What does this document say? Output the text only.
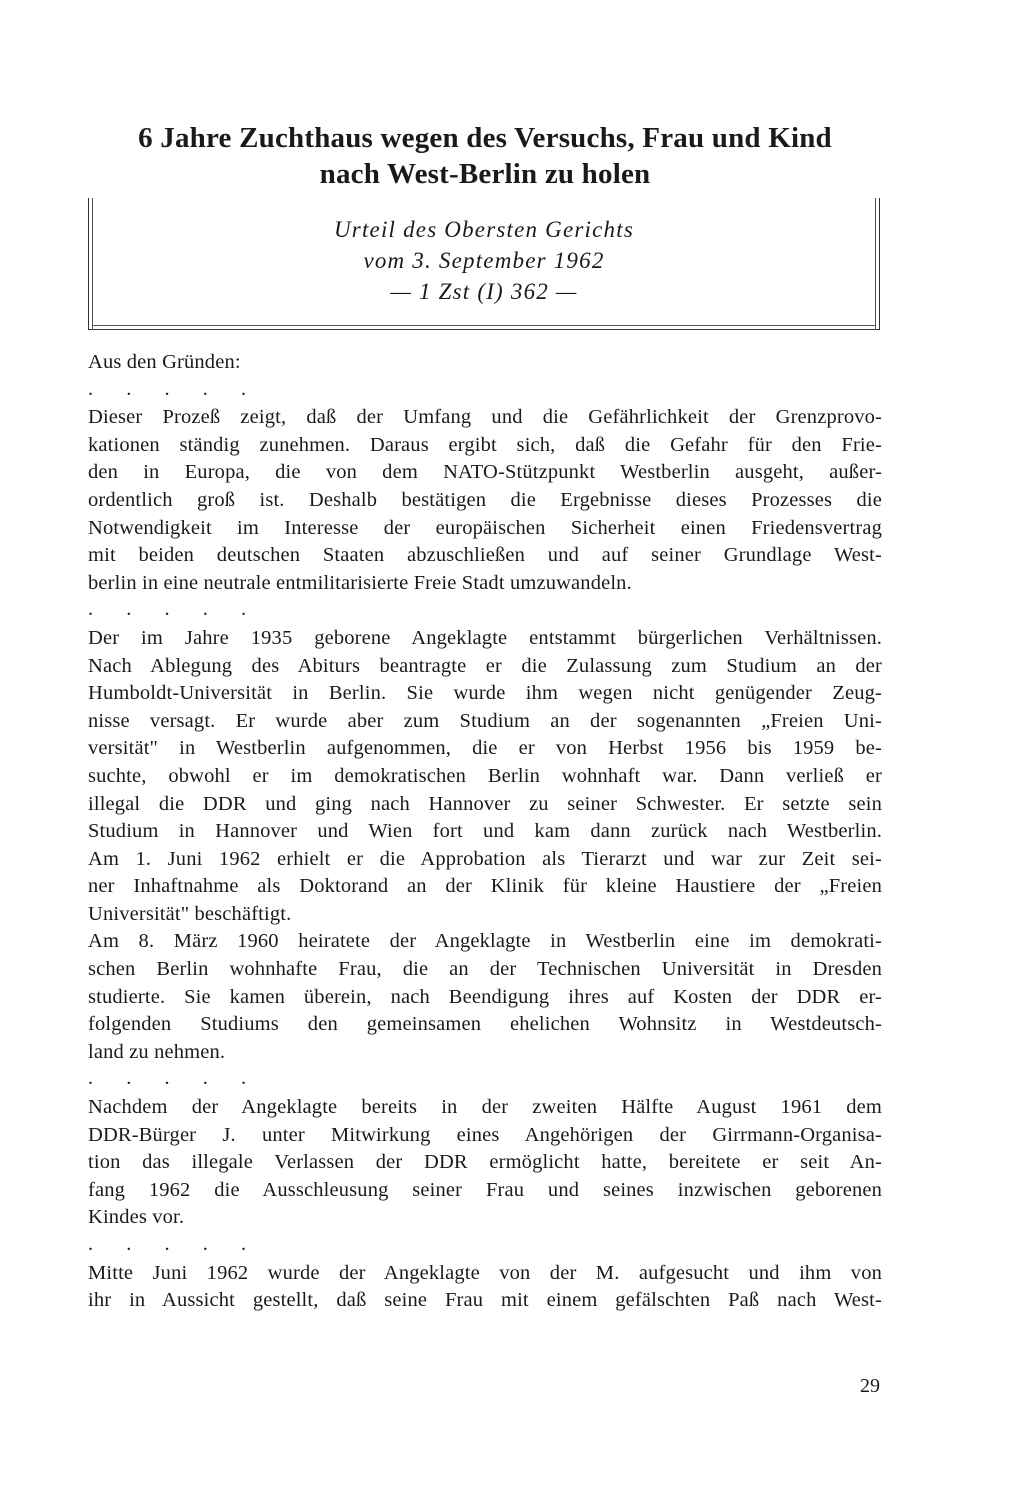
6 Jahre Zuchthaus wegen des Versuchs, Frau und Kind
nach West-Berlin zu holen
Urteil des Obersten Gerichts
vom 3. September 1962
— 1 Zst (I) 362 —

Aus den Gründen:

. . . . .

Dieser Prozeß zeigt, daß der Umfang und die Gefährlichkeit der Grenzprovo-
kationen ständig zunehmen. Daraus ergibt sich, daß die Gefahr für den Frie-
den in Europa, die von dem NATO-Stützpunkt Westberlin ausgeht, außer-
ordentlich groß ist. Deshalb bestätigen die Ergebnisse dieses Prozesses die
Notwendigkeit im Interesse der europäischen Sicherheit einen Friedensvertrag
mit beiden deutschen Staaten abzuschließen und auf seiner Grundlage West-
berlin in eine neutrale entmilitarisierte Freie Stadt umzuwandeln.

. . . . .

Der im Jahre 1935 geborene Angeklagte entstammt bürgerlichen Verhältnissen.
Nach Ablegung des Abiturs beantragte er die Zulassung zum Studium an der
Humboldt-Universität in Berlin. Sie wurde ihm wegen nicht genügender Zeug-
nisse versagt. Er wurde aber zum Studium an der sogenannten „Freien Uni-
versität" in Westberlin aufgenommen, die er von Herbst 1956 bis 1959 be-
suchte, obwohl er im demokratischen Berlin wohnhaft war. Dann verließ er
illegal die DDR und ging nach Hannover zu seiner Schwester. Er setzte sein
Studium in Hannover und Wien fort und kam dann zurück nach Westberlin.
Am 1. Juni 1962 erhielt er die Approbation als Tierarzt und war zur Zeit sei-
ner Inhaftnahme als Doktorand an der Klinik für kleine Haustiere der „Freien
Universität" beschäftigt.

Am 8. März 1960 heiratete der Angeklagte in Westberlin eine im demokrati-
schen Berlin wohnhafte Frau, die an der Technischen Universität in Dresden
studierte. Sie kamen überein, nach Beendigung ihres auf Kosten der DDR er-
folgenden Studiums den gemeinsamen ehelichen Wohnsitz in Westdeutsch-
land zu nehmen.

. . . . .

Nachdem der Angeklagte bereits in der zweiten Hälfte August 1961 dem
DDR-Bürger J. unter Mitwirkung eines Angehörigen der Girrmann-Organisa-
tion das illegale Verlassen der DDR ermöglicht hatte, bereitete er seit An-
fang 1962 die Ausschleusung seiner Frau und seines inzwischen geborenen
Kindes vor.

. . . . .

Mitte Juni 1962 wurde der Angeklagte von der M. aufgesucht und ihm von
ihr in Aussicht gestellt, daß seine Frau mit einem gefälschten Paß nach West-

29
